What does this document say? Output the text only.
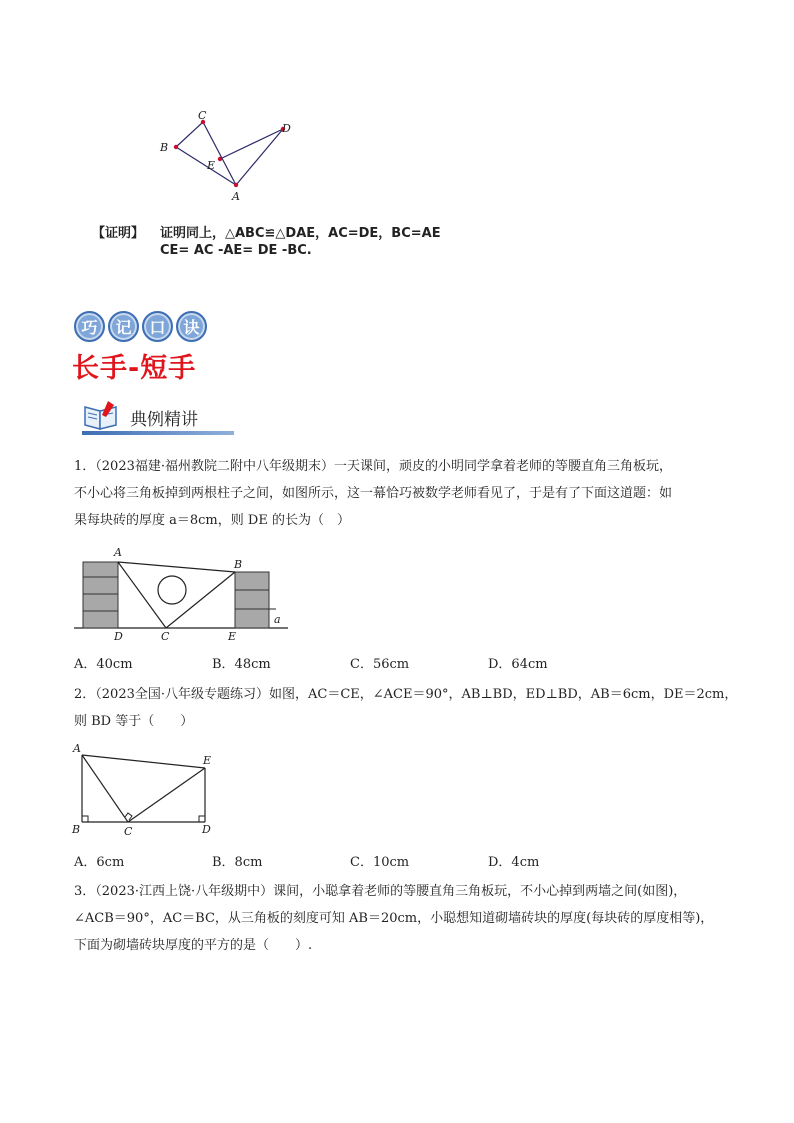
C
D
B
E
A
【证明】 证明同上，△ABC≌△DAE，AC=DE，BC=AE
CE= AC -AE= DE -BC.
巧	记	口	诀
长手-短手
典例精讲
1．（2023福建·福州教院二附中八年级期末）一天课间，顽皮的小明同学拿着老师的等腰直角三角板玩，
不小心将三角板掉到两根柱子之间，如图所示，这一幕恰巧被数学老师看见了，于是有了下面这道题：如
果每块砖的厚度 a＝8cm，则 DE 的长为（　）
A
B
D	C	E
a
A．40cm	B．48cm	C．56cm	D．64cm
2．（2023全国·八年级专题练习）如图，AC＝CE，∠ACE＝90°，AB⊥BD，ED⊥BD，AB＝6cm，DE＝2cm，
则 BD 等于（　　）
A
E
B	C	D
A．6cm	B．8cm	C．10cm	D．4cm
3．（2023·江西上饶·八年级期中）课间，小聪拿着老师的等腰直角三角板玩，不小心掉到两墙之间(如图)，
∠ACB＝90°，AC＝BC，从三角板的刻度可知 AB＝20cm，小聪想知道砌墙砖块的厚度(每块砖的厚度相等)，
下面为砌墙砖块厚度的平方的是（　　）.
